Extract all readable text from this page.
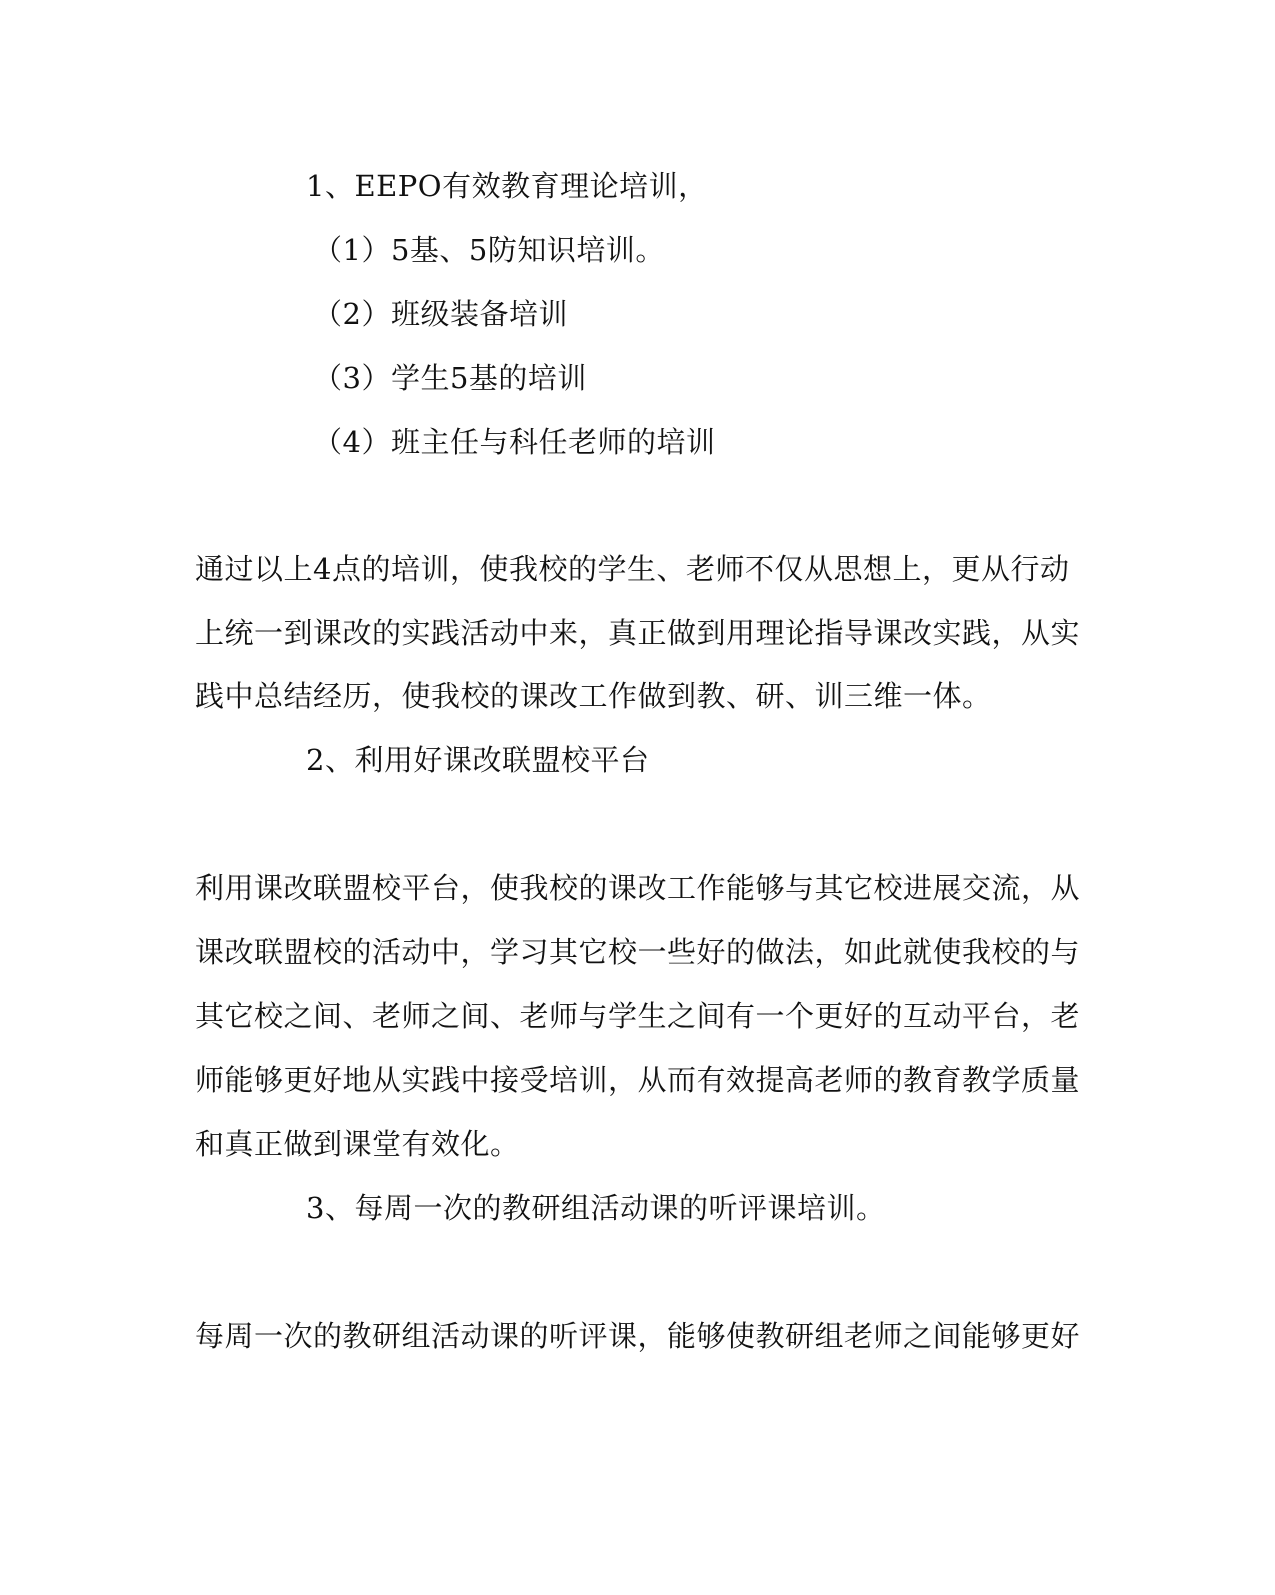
1、EEPO有效教育理论培训，
（1）5基、5防知识培训。
（2）班级装备培训
（3）学生5基的培训
（4）班主任与科任老师的培训
通过以上4点的培训，使我校的学生、老师不仅从思想上，更从行动
上统一到课改的实践活动中来，真正做到用理论指导课改实践，从实
践中总结经历，使我校的课改工作做到教、研、训三维一体。
2、利用好课改联盟校平台
利用课改联盟校平台，使我校的课改工作能够与其它校进展交流，从
课改联盟校的活动中，学习其它校一些好的做法，如此就使我校的与
其它校之间、老师之间、老师与学生之间有一个更好的互动平台，老
师能够更好地从实践中接受培训，从而有效提高老师的教育教学质量
和真正做到课堂有效化。
3、每周一次的教研组活动课的听评课培训。
每周一次的教研组活动课的听评课，能够使教研组老师之间能够更好
